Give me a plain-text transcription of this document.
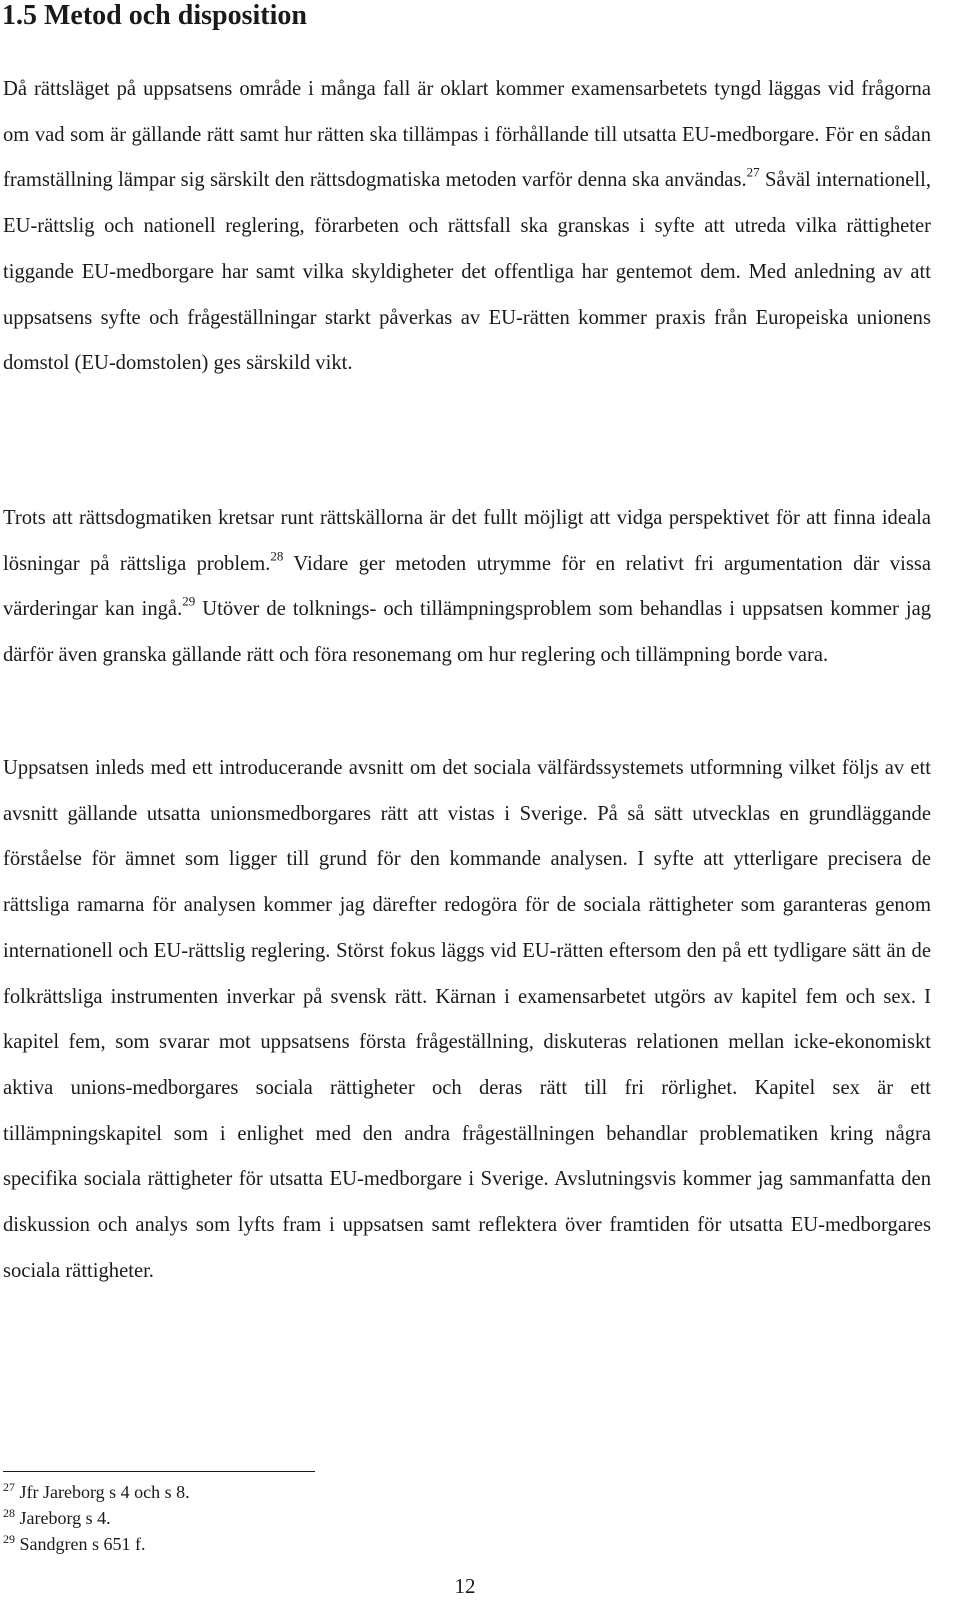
1.5 Metod och disposition

Då rättsläget på uppsatsens område i många fall är oklart kommer examensarbetets tyngd läggas vid frågorna om vad som är gällande rätt samt hur rätten ska tillämpas i förhållande till utsatta EU-medborgare. För en sådan framställning lämpar sig särskilt den rättsdogmatiska metoden varför denna ska användas.$^{27}$ Såväl internationell, EU-rättslig och nationell reglering, förarbeten och rättsfall ska granskas i syfte att utreda vilka rättigheter tiggande EU-medborgare har samt vilka skyldigheter det offentliga har gentemot dem. Med anledning av att uppsatsens syfte och frågeställningar starkt påverkas av EU-rätten kommer praxis från Europeiska unionens domstol (EU-domstolen) ges särskild vikt.

Trots att rättsdogmatiken kretsar runt rättskällorna är det fullt möjligt att vidga perspektivet för att finna ideala lösningar på rättsliga problem.$^{28}$ Vidare ger metoden utrymme för en relativt fri argumentation där vissa värderingar kan ingå.$^{29}$ Utöver de tolknings- och tillämpningsproblem som behandlas i uppsatsen kommer jag därför även granska gällande rätt och föra resonemang om hur reglering och tillämpning borde vara.

Uppsatsen inleds med ett introducerande avsnitt om det sociala välfärdssystemets utformning vilket följs av ett avsnitt gällande utsatta unionsmedborgares rätt att vistas i Sverige. På så sätt utvecklas en grundläggande förståelse för ämnet som ligger till grund för den kommande analysen. I syfte att ytterligare precisera de rättsliga ramarna för analysen kommer jag därefter redogöra för de sociala rättigheter som garanteras genom internationell och EU-rättslig reglering. Störst fokus läggs vid EU-rätten eftersom den på ett tydligare sätt än de folkrättsliga instrumenten inverkar på svensk rätt. Kärnan i examensarbetet utgörs av kapitel fem och sex. I kapitel fem, som svarar mot uppsatsens första frågeställning, diskuteras relationen mellan icke-ekonomiskt aktiva unions-medborgares sociala rättigheter och deras rätt till fri rörlighet. Kapitel sex är ett tillämpningskapitel som i enlighet med den andra frågeställningen behandlar problematiken kring några specifika sociala rättigheter för utsatta EU-medborgare i Sverige. Avslutningsvis kommer jag sammanfatta den diskussion och analys som lyfts fram i uppsatsen samt reflektera över framtiden för utsatta EU-medborgares sociala rättigheter.

$^{27}$ Jfr Jareborg s 4 och s 8.

$^{28}$ Jareborg s 4.

$^{29}$ Sandgren s 651 f.

12
